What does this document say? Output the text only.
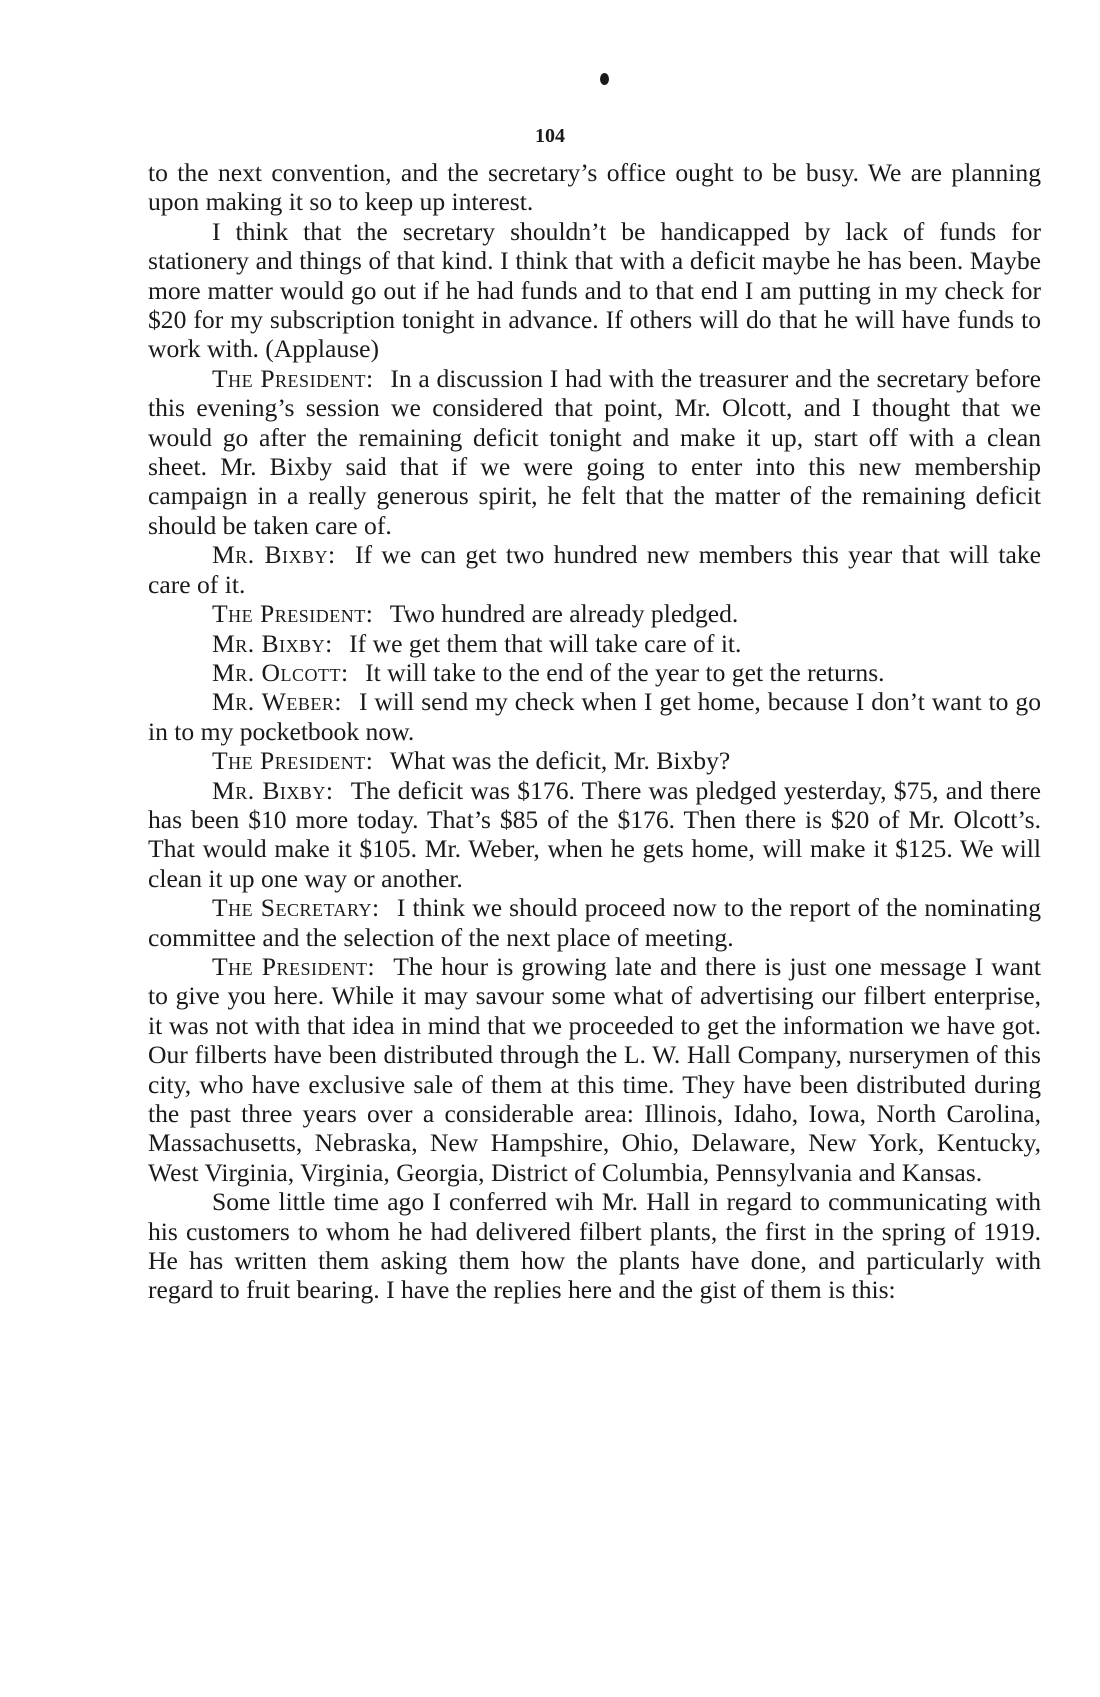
104

to the next convention, and the secretary’s office ought to be busy. We are planning upon making it so to keep up interest.

I think that the secretary shouldn’t be handicapped by lack of funds for stationery and things of that kind. I think that with a deficit maybe he has been. Maybe more matter would go out if he had funds and to that end I am putting in my check for $20 for my subscription tonight in advance. If others will do that he will have funds to work with. (Applause)

The President: In a discussion I had with the treasurer and the secretary before this evening’s session we considered that point, Mr. Olcott, and I thought that we would go after the remaining deficit tonight and make it up, start off with a clean sheet. Mr. Bixby said that if we were going to enter into this new membership campaign in a really generous spirit, he felt that the matter of the remaining deficit should be taken care of.

Mr. Bixby: If we can get two hundred new members this year that will take care of it.

The President: Two hundred are already pledged.

Mr. Bixby: If we get them that will take care of it.

Mr. Olcott: It will take to the end of the year to get the returns.

Mr. Weber: I will send my check when I get home, because I don’t want to go in to my pocketbook now.

The President: What was the deficit, Mr. Bixby?

Mr. Bixby: The deficit was $176. There was pledged yesterday, $75, and there has been $10 more today. That’s $85 of the $176. Then there is $20 of Mr. Olcott’s. That would make it $105. Mr. Weber, when he gets home, will make it $125. We will clean it up one way or another.

The Secretary: I think we should proceed now to the report of the nominating committee and the selection of the next place of meeting.

The President: The hour is growing late and there is just one message I want to give you here. While it may savour some what of advertising our filbert enterprise, it was not with that idea in mind that we proceeded to get the information we have got. Our filberts have been distributed through the L. W. Hall Company, nurserymen of this city, who have exclusive sale of them at this time. They have been distributed during the past three years over a considerable area: Illinois, Idaho, Iowa, North Carolina, Massachusetts, Nebraska, New Hampshire, Ohio, Delaware, New York, Kentucky, West Virginia, Virginia, Georgia, District of Columbia, Pennsylvania and Kansas.

Some little time ago I conferred wih Mr. Hall in regard to communicating with his customers to whom he had delivered filbert plants, the first in the spring of 1919. He has written them asking them how the plants have done, and particularly with regard to fruit bearing. I have the replies here and the gist of them is this:
